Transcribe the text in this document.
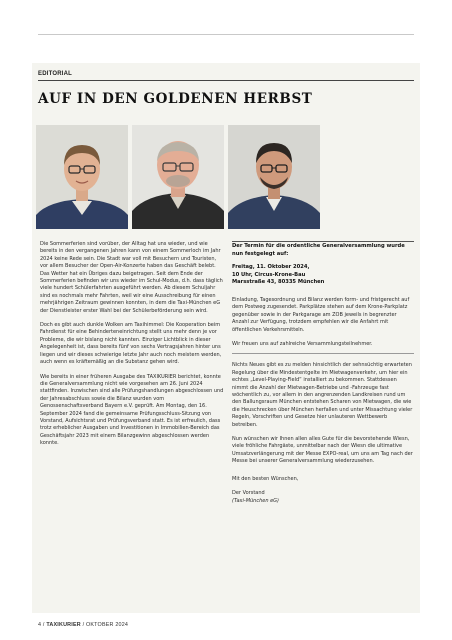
EDITORIAL
AUF IN DEN GOLDENEN HERBST

Die Sommerferien sind vorüber, der Alltag hat uns wieder, und wie bereits in den vergangenen Jahren kann von einem Sommerloch im Jahr 2024 keine Rede sein. Die Stadt war voll mit Besuchern und Touristen, vor allem Besucher der Open-Air-Konzerte haben das Geschäft belebt. Das Wetter hat ein Übriges dazu beigetragen. Seit dem Ende der Sommerferien befinden wir uns wieder im Schul-Modus, d.h. dass täglich viele hundert Schülerfahrten ausgeführt werden. Ab diesem Schuljahr sind es nochmals mehr Fahrten, weil wir eine Ausschreibung für einen mehrjährigen Zeitraum gewinnen konnten, in dem die Taxi-München eG der Dienstleister erster Wahl bei der Schülerbeförderung sein wird.

Doch es gibt auch dunkle Wolken am Taxihimmel: Die Kooperation beim Fahrdienst für eine Behinderteneinrichtung stellt uns mehr denn je vor Probleme, die wir bislang nicht kannten. Einziger Lichtblick in dieser Angelegenheit ist, dass bereits fünf von sechs Vertragsjahren hinter uns liegen und wir dieses schwierige letzte Jahr auch noch meistern werden, auch wenn es kräftemäßig an die Substanz gehen wird.

Wie bereits in einer früheren Ausgabe des TAXIKURIER berichtet, konnte die Generalversammlung nicht wie vorgesehen am 26. Juni 2024 stattfinden. Inzwischen sind alle Prüfungshandlungen abgeschlossen und der Jahresabschluss sowie die Bilanz wurden vom Genossenschaftsverband Bayern e.V. geprüft. Am Montag, den 16. September 2024 fand die gemeinsame Prüfungsschluss-Sitzung von Vorstand, Aufsichtsrat und Prüfungsverband statt. Es ist erfreulich, dass trotz erheblicher Ausgaben und Investitionen in Immobilien-Bereich das Geschäftsjahr 2023 mit einem Bilanzgewinn abgeschlossen werden konnte.

Der Termin für die ordentliche Generalversammlung wurde nun festgelegt auf:
Freitag, 11. Oktober 2024,
10 Uhr, Circus-Krone-Bau
Marsstraße 43, 80335 München

Einladung, Tagesordnung und Bilanz werden form- und fristgerecht auf dem Postweg zugesendet. Parkplätze stehen auf dem Krone-Parkplatz gegenüber sowie in der Parkgarage am ZOB jeweils in begrenzter Anzahl zur Verfügung, trotzdem empfehlen wir die Anfahrt mit öffentlichen Verkehrsmitteln.

Wir freuen uns auf zahlreiche Versammlungsteilnehmer.

Nichts Neues gibt es zu melden hinsichtlich der sehnsüchtig erwarteten Regelung über die Mindestentgelte im Mietwagenverkehr, um hier ein echtes „Level-Playing-Field“ installiert zu bekommen. Stattdessen nimmt die Anzahl der Mietwagen-Betriebe und -Fahrzeuge fast wöchentlich zu, vor allem in den angrenzenden Landkreisen rund um den Ballungsraum München entstehen Scharen von Mietwagen, die wie die Heuschrecken über München herfallen und unter Missachtung vieler Regeln, Vorschriften und Gesetze hier unlauteren Wettbewerb betreiben.

Nun wünschen wir Ihnen allen alles Gute für die bevorstehende Wiesn, viele fröhliche Fahrgäste, unmittelbar nach der Wiesn die ultimative Umsatzverlängerung mit der Messe EXPO-real, um uns am Tag nach der Messe bei unserer Generalversammlung wiederzusehen.

Mit den besten Wünschen,

Der Vorstand
(Taxi-München eG)
4 / TAXIKURIER / OKTOBER 2024
